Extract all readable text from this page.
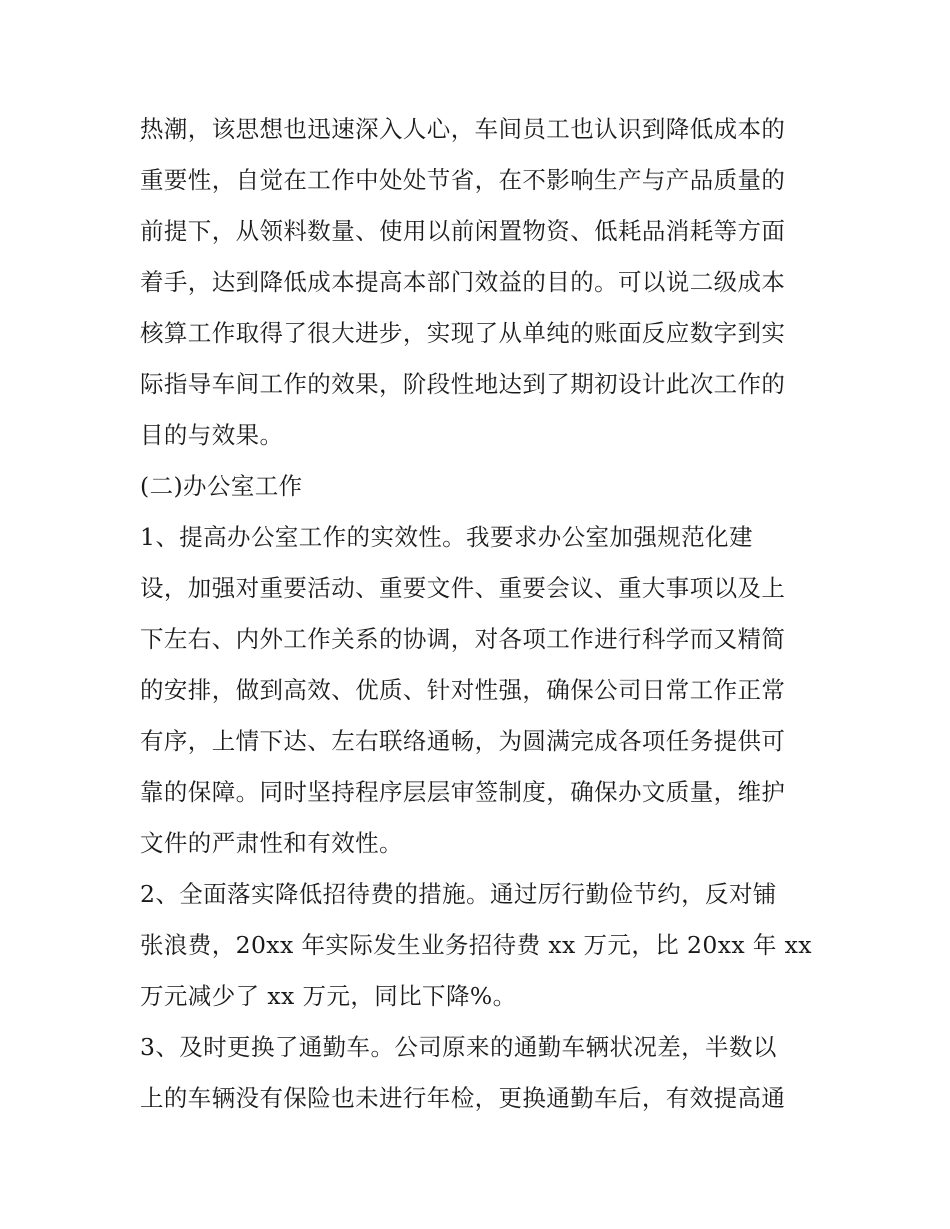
热潮，该思想也迅速深入人心，车间员工也认识到降低成本的
重要性，自觉在工作中处处节省，在不影响生产与产品质量的
前提下，从领料数量、使用以前闲置物资、低耗品消耗等方面
着手，达到降低成本提高本部门效益的目的。可以说二级成本
核算工作取得了很大进步，实现了从单纯的账面反应数字到实
际指导车间工作的效果，阶段性地达到了期初设计此次工作的
目的与效果。
(二)办公室工作
1、提高办公室工作的实效性。我要求办公室加强规范化建
设，加强对重要活动、重要文件、重要会议、重大事项以及上
下左右、内外工作关系的协调，对各项工作进行科学而又精简
的安排，做到高效、优质、针对性强，确保公司日常工作正常
有序，上情下达、左右联络通畅，为圆满完成各项任务提供可
靠的保障。同时坚持程序层层审签制度，确保办文质量，维护
文件的严肃性和有效性。
2、全面落实降低招待费的措施。通过厉行勤俭节约，反对铺
张浪费，20xx 年实际发生业务招待费 xx 万元，比 20xx 年 xx
万元减少了 xx 万元，同比下降%。
3、及时更换了通勤车。公司原来的通勤车辆状况差，半数以
上的车辆没有保险也未进行年检，更换通勤车后，有效提高通
